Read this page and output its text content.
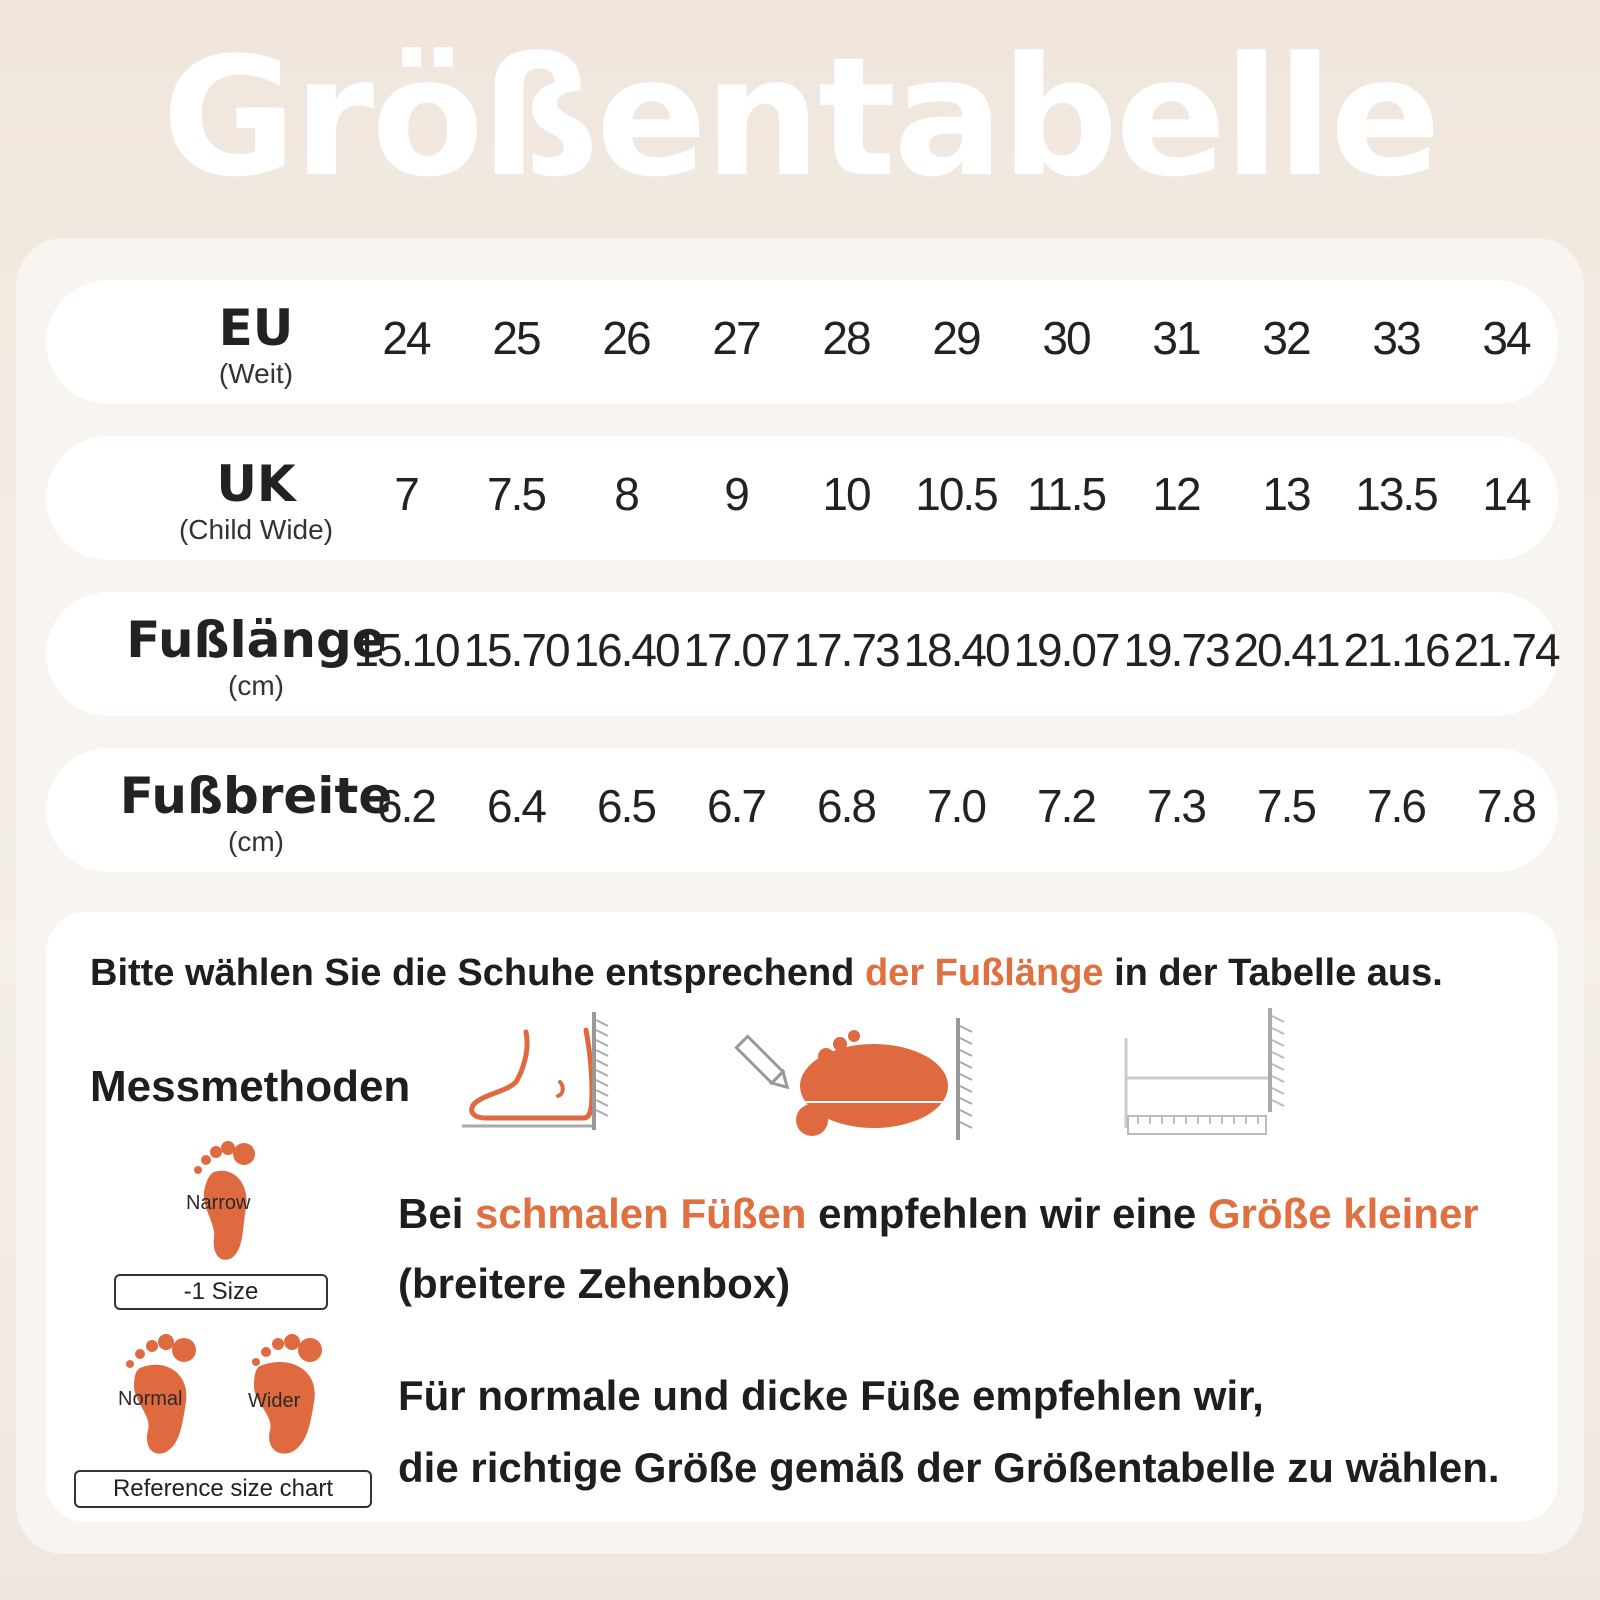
Größentabelle
EU
(Weit)
24	25	26	27	28	29	30	31	32	33	34
UK
(Child Wide)
7	7.5	8	9	10 10.5 11.5	12	13 13.5 14
Fußlänge
(cm)
15.10 15.70 16.40 17.07 17.73 18.40 19.07 19.73 20.41 21.16 21.74
Fußbreite
(cm)
6.2	6.4	6.5	6.7	6.8	7.0	7.2	7.3	7.5	7.6	7.8
Bitte wählen Sie die Schuhe entsprechend der Fußlänge in der Tabelle aus.
Messmethoden
Narrow
-1 Size
Bei schmalen Füßen empfehlen wir eine Größe kleiner
(breitere Zehenbox)
Normal	Wider
Reference size chart
Für normale und dicke Füße empfehlen wir,
die richtige Größe gemäß der Größentabelle zu wählen.
